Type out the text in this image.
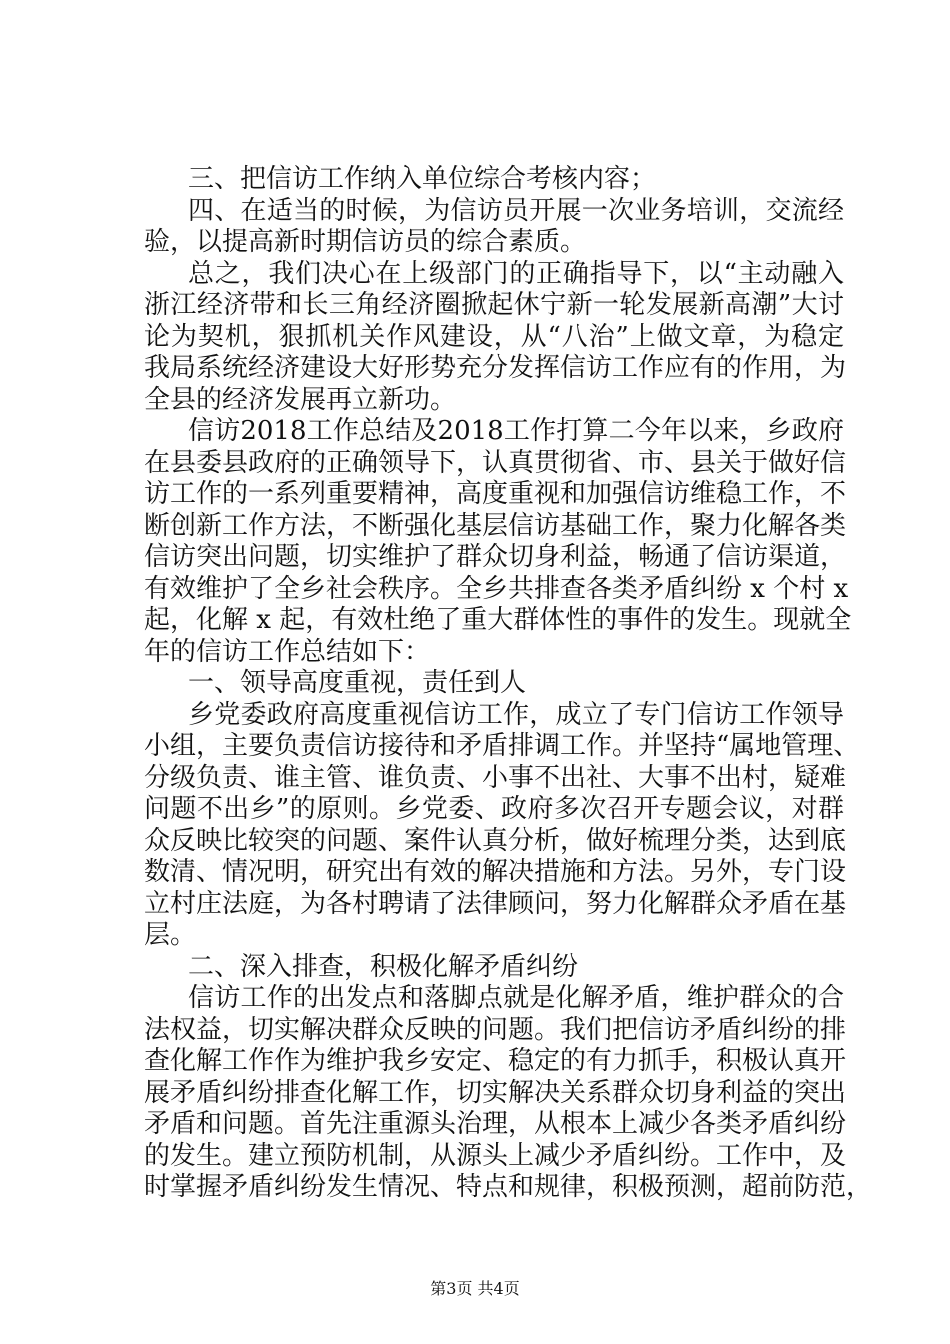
三、把信访工作纳入单位综合考核内容；
四、在适当的时候，为信访员开展一次业务培训，交流经
验，以提高新时期信访员的综合素质。
总之，我们决心在上级部门的正确指导下，以“主动融入
浙江经济带和长三角经济圈掀起休宁新一轮发展新高潮”大讨
论为契机，狠抓机关作风建设，从“八治”上做文章，为稳定
我局系统经济建设大好形势充分发挥信访工作应有的作用，为
全县的经济发展再立新功。
信访2018工作总结及2018工作打算二今年以来，乡政府
在县委县政府的正确领导下，认真贯彻省、市、县关于做好信
访工作的一系列重要精神，高度重视和加强信访维稳工作，不
断创新工作方法，不断强化基层信访基础工作，聚力化解各类
信访突出问题，切实维护了群众切身利益，畅通了信访渠道，
有效维护了全乡社会秩序。全乡共排查各类矛盾纠纷 x 个村 x
起，化解 x 起，有效杜绝了重大群体性的事件的发生。现就全
年的信访工作总结如下：
一、领导高度重视，责任到人
乡党委政府高度重视信访工作，成立了专门信访工作领导
小组，主要负责信访接待和矛盾排调工作。并坚持“属地管理、
分级负责、谁主管、谁负责、小事不出社、大事不出村，疑难
问题不出乡”的原则。乡党委、政府多次召开专题会议，对群
众反映比较突的问题、案件认真分析，做好梳理分类，达到底
数清、情况明，研究出有效的解决措施和方法。另外，专门设
立村庄法庭，为各村聘请了法律顾问，努力化解群众矛盾在基
层。
二、深入排查，积极化解矛盾纠纷
信访工作的出发点和落脚点就是化解矛盾，维护群众的合
法权益，切实解决群众反映的问题。我们把信访矛盾纠纷的排
查化解工作作为维护我乡安定、稳定的有力抓手，积极认真开
展矛盾纠纷排查化解工作，切实解决关系群众切身利益的突出
矛盾和问题。首先注重源头治理，从根本上减少各类矛盾纠纷
的发生。建立预防机制，从源头上减少矛盾纠纷。工作中，及
时掌握矛盾纠纷发生情况、特点和规律，积极预测，超前防范，
第3页 共4页
